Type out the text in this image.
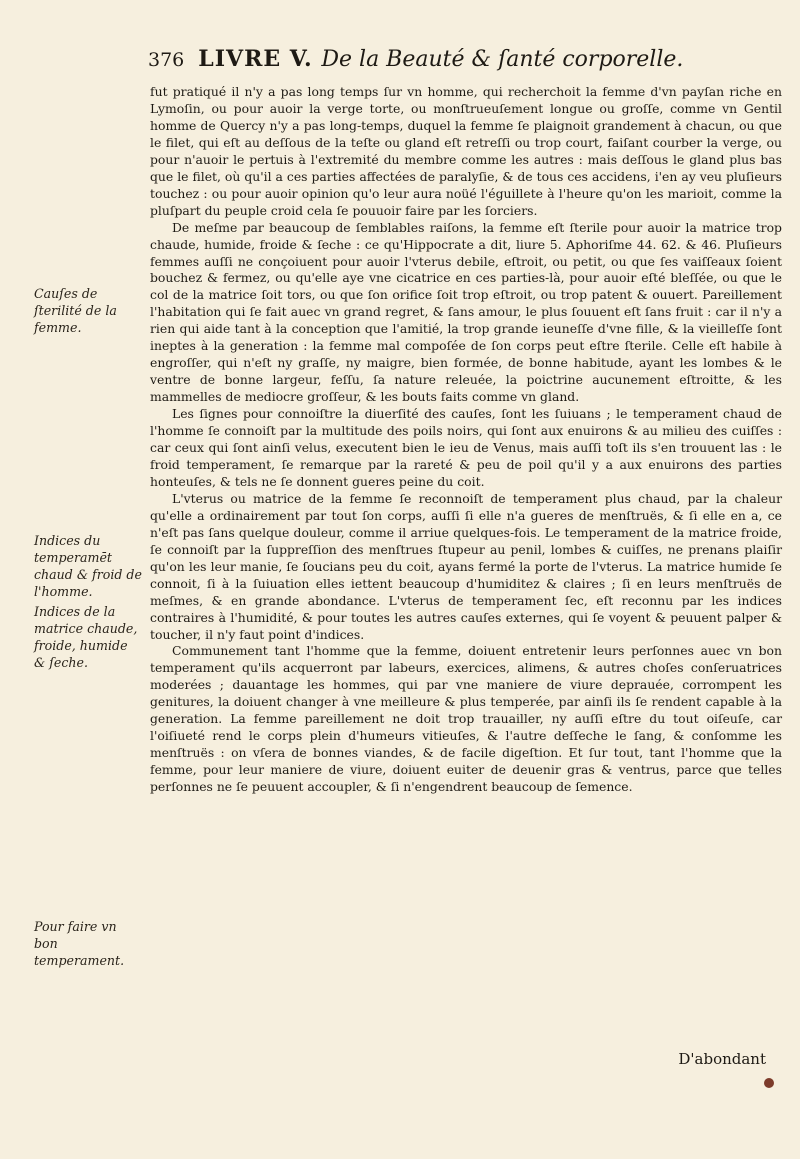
376 LIVRE V. De la Beauté & ſanté corporelle.
Cauſes de ſterilité de la femme.
Indices du temperamēt chaud & froid de l'homme.
Indices de la matrice chaude, froide, humide & ſeche.
Pour faire vn bon temperament.

fut pratiqué il n'y a pas long temps ſur vn homme, qui recherchoit la femme d'vn payſan riche en Lymoſin, ou pour auoir la verge torte, ou monſtrueuſement longue ou groſſe, comme vn Gentil homme de Quercy n'y a pas long-temps, duquel la femme ſe plaignoit grandement à chacun, ou que le filet, qui eſt au deſſous de la teſte ou gland eſt retreſſi ou trop court, faiſant courber la verge, ou pour n'auoir le pertuis à l'extremité du membre comme les autres : mais deſſous le gland plus bas que le filet, où qu'il a ces parties affectées de paralyſie, & de tous ces accidens, i'en ay veu pluſieurs touchez : ou pour auoir opinion qu'o leur aura noüé l'éguillete à l'heure qu'on les marioit, comme la pluſpart du peuple croid cela ſe pouuoir faire par les ſorciers.

De meſme par beaucoup de ſemblables raiſons, la femme eſt ſterile pour auoir la matrice trop chaude, humide, froide & ſeche : ce qu'Hippocrate a dit, liure 5. Aphoriſme 44. 62. & 46. Pluſieurs femmes auſſi ne conçoiuent pour auoir l'vterus debile, eſtroit, ou petit, ou que ſes vaiſſeaux ſoient bouchez & fermez, ou qu'elle aye vne cicatrice en ces parties-là, pour auoir eſté bleſſée, ou que le col de la matrice ſoit tors, ou que ſon orifice ſoit trop eſtroit, ou trop patent & ouuert. Pareillement l'habitation qui ſe fait auec vn grand regret, & ſans amour, le plus ſouuent eſt ſans fruit : car il n'y a rien qui aide tant à la conception que l'amitié, la trop grande ieuneſſe d'vne fille, & la vieilleſſe ſont ineptes à la generation : la femme mal compoſée de ſon corps peut eſtre ſterile. Celle eſt habile à engroſſer, qui n'eſt ny graſſe, ny maigre, bien formée, de bonne habitude, ayant les lombes & le ventre de bonne largeur, feſſu, ſa nature releuée, la poictrine aucunement eſtroitte, & les mammelles de mediocre groſſeur, & les bouts faits comme vn gland.

Les ſignes pour connoiſtre la diuerſité des cauſes, ſont les ſuiuans ; le temperament chaud de l'homme ſe connoiſt par la multitude des poils noirs, qui ſont aux enuirons & au milieu des cuiſſes : car ceux qui ſont ainſi velus, executent bien le ieu de Venus, mais auſſi toſt ils s'en trouuent las : le froid temperament, ſe remarque par la rareté & peu de poil qu'il y a aux enuirons des parties honteuſes, & tels ne ſe donnent gueres peine du coit.

L'vterus ou matrice de la femme ſe reconnoiſt de temperament plus chaud, par la chaleur qu'elle a ordinairement par tout ſon corps, auſſi ſi elle n'a gueres de menſtruës, & ſi elle en a, ce n'eſt pas ſans quelque douleur, comme il arriue quelques-fois. Le temperament de la matrice froide, ſe connoiſt par la ſuppreſſion des menſtrues ſtupeur au penil, lombes & cuiſſes, ne prenans plaiſir qu'on les leur manie, ſe ſoucians peu du coit, ayans fermé la porte de l'vterus. La matrice humide ſe connoit, ſi à la ſuiuation elles iettent beaucoup d'humiditez & claires ; ſi en leurs menſtruës de meſmes, & en grande abondance. L'vterus de temperament ſec, eſt reconnu par les indices contraires à l'humidité, & pour toutes les autres cauſes externes, qui ſe voyent & peuuent palper & toucher, il n'y faut point d'indices.

Communement tant l'homme que la femme, doiuent entretenir leurs perſonnes auec vn bon temperament qu'ils acquerront par labeurs, exercices, alimens, & autres choſes conſeruatrices moderées ; dauantage les hommes, qui par vne maniere de viure deprauée, corrompent les genitures, la doiuent changer à vne meilleure & plus temperée, par ainſi ils ſe rendent capable à la generation. La femme pareillement ne doit trop trauailler, ny auſſi eſtre du tout oiſeuſe, car l'oiſiueté rend le corps plein d'humeurs vitieuſes, & l'autre deſſeche le ſang, & conſomme les menſtruës : on vſera de bonnes viandes, & de facile digeſtion. Et ſur tout, tant l'homme que la femme, pour leur maniere de viure, doiuent euiter de deuenir gras & ventrus, parce que telles perſonnes ne ſe peuuent accoupler, & ſi n'engendrent beaucoup de ſemence.

D'abondant
